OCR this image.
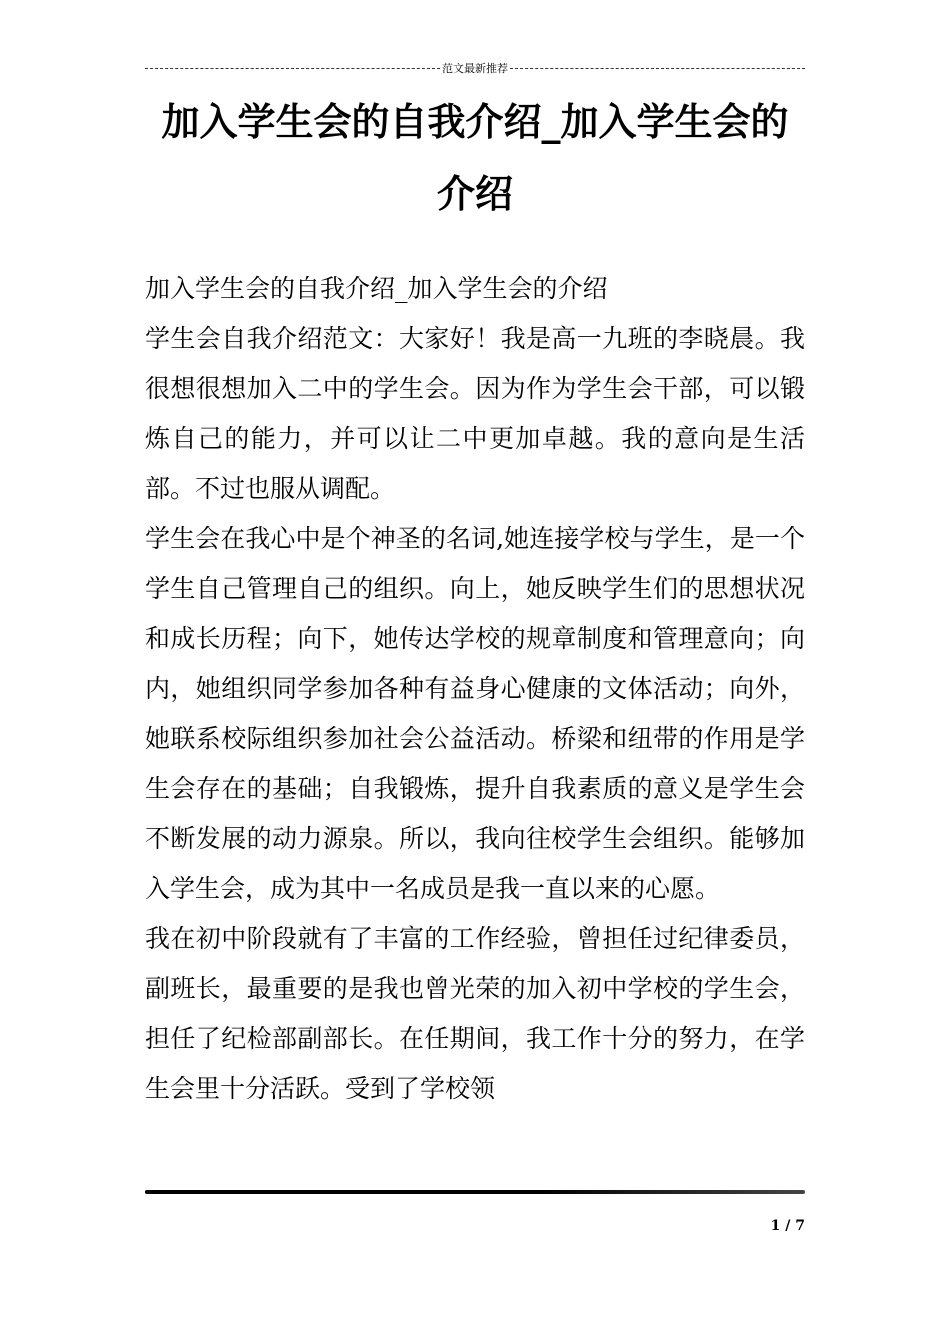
范文最新推荐
加入学生会的自我介绍_加入学生会的介绍

加入学生会的自我介绍_加入学生会的介绍

学生会自我介绍范文：大家好！我是高一九班的李晓晨。我很想很想加入二中的学生会。因为作为学生会干部，可以锻炼自己的能力，并可以让二中更加卓越。我的意向是生活部。不过也服从调配。

学生会在我心中是个神圣的名词,她连接学校与学生，是一个学生自己管理自己的组织。向上，她反映学生们的思想状况和成长历程；向下，她传达学校的规章制度和管理意向；向内，她组织同学参加各种有益身心健康的文体活动；向外，她联系校际组织参加社会公益活动。桥梁和纽带的作用是学生会存在的基础；自我锻炼，提升自我素质的意义是学生会不断发展的动力源泉。所以，我向往校学生会组织。能够加入学生会，成为其中一名成员是我一直以来的心愿。

我在初中阶段就有了丰富的工作经验，曾担任过纪律委员，副班长，最重要的是我也曾光荣的加入初中学校的学生会，担任了纪检部副部长。在任期间，我工作十分的努力，在学生会里十分活跃。受到了学校领

1 / 7
